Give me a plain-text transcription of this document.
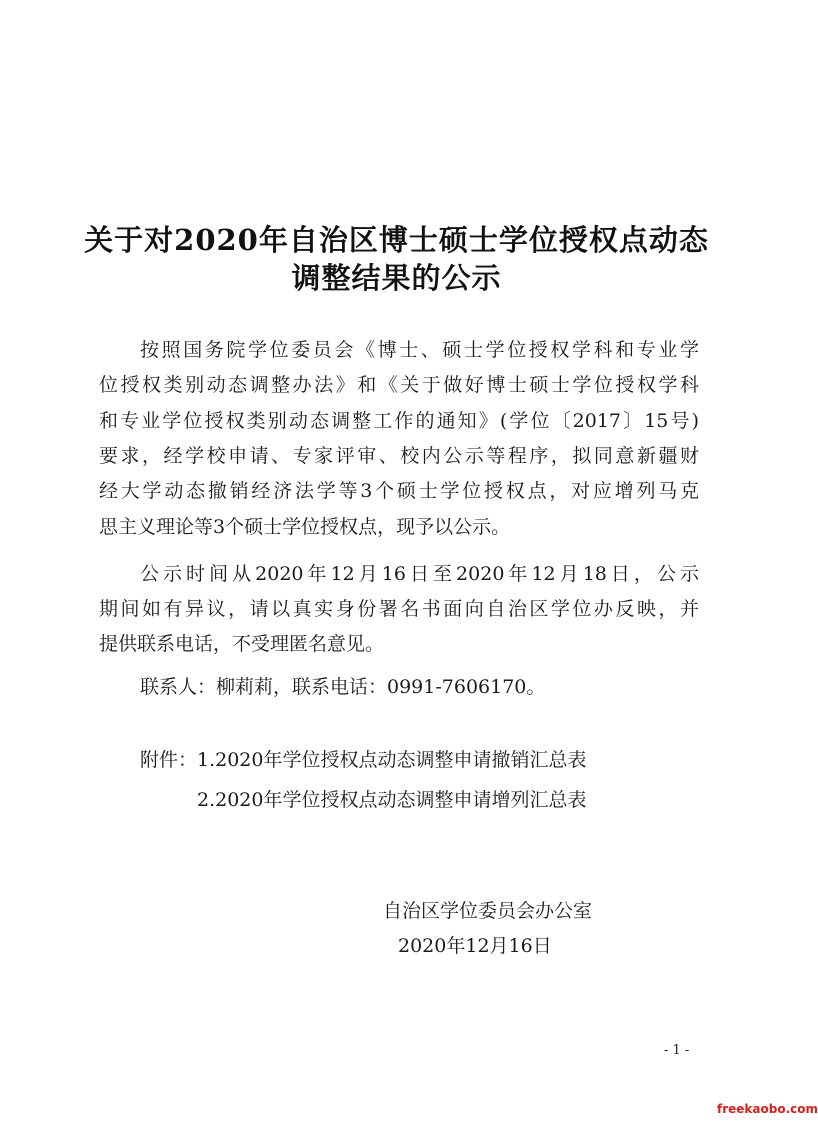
关于对2020年自治区博士硕士学位授权点动态
调整结果的公示
按照国务院学位委员会《博士、硕士学位授权学科和专业学
位授权类别动态调整办法》和《关于做好博士硕士学位授权学科
和专业学位授权类别动态调整工作的通知》(学位〔2017〕15号)
要求，经学校申请、专家评审、校内公示等程序，拟同意新疆财
经大学动态撤销经济法学等3个硕士学位授权点，对应增列马克
思主义理论等3个硕士学位授权点，现予以公示。
公示时间从2020年12月16日至2020年12月18日，公示
期间如有异议，请以真实身份署名书面向自治区学位办反映，并
提供联系电话，不受理匿名意见。
联系人：柳莉莉，联系电话：0991-7606170。
附件： 1.2020年学位授权点动态调整申请撤销汇总表
2.2020年学位授权点动态调整申请增列汇总表
自治区学位委员会办公室
2020年12月16日
- 1 -
freekaobo.com
